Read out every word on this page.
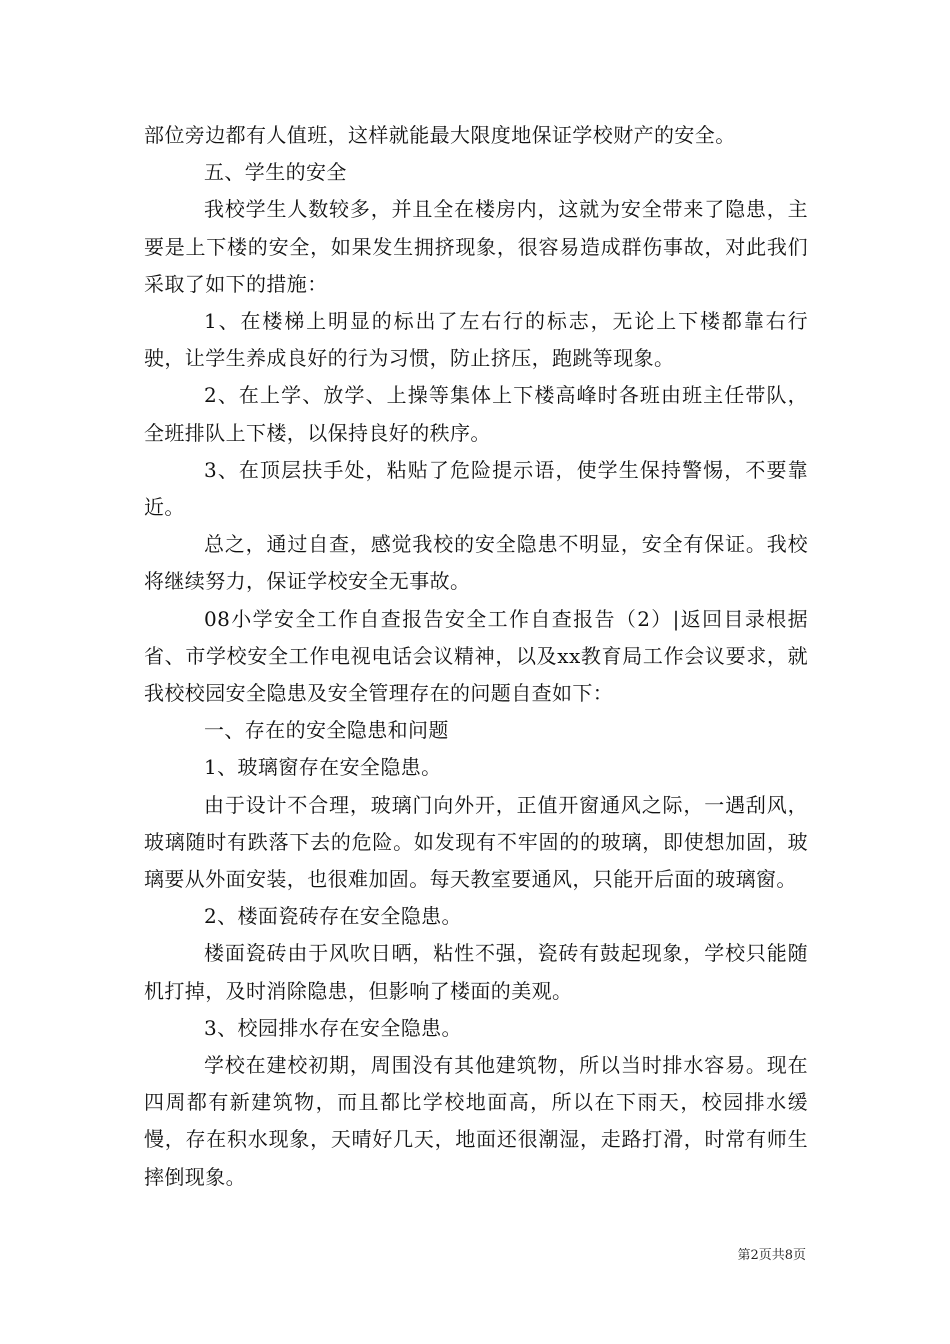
部位旁边都有人值班，这样就能最大限度地保证学校财产的安全。

五、学生的安全

我校学生人数较多，并且全在楼房内，这就为安全带来了隐患，主要是上下楼的安全，如果发生拥挤现象，很容易造成群伤事故，对此我们采取了如下的措施：

1、在楼梯上明显的标出了左右行的标志，无论上下楼都靠右行驶，让学生养成良好的行为习惯，防止挤压，跑跳等现象。

2、在上学、放学、上操等集体上下楼高峰时各班由班主任带队，全班排队上下楼，以保持良好的秩序。

3、在顶层扶手处，粘贴了危险提示语，使学生保持警惕，不要靠近。

总之，通过自查，感觉我校的安全隐患不明显，安全有保证。我校将继续努力，保证学校安全无事故。

08小学安全工作自查报告安全工作自查报告（2）|返回目录根据省、市学校安全工作电视电话会议精神，以及xx教育局工作会议要求，就我校校园安全隐患及安全管理存在的问题自查如下：

一、存在的安全隐患和问题

1、玻璃窗存在安全隐患。

由于设计不合理，玻璃门向外开，正值开窗通风之际，一遇刮风，玻璃随时有跌落下去的危险。如发现有不牢固的的玻璃，即使想加固，玻璃要从外面安装，也很难加固。每天教室要通风，只能开后面的玻璃窗。

2、楼面瓷砖存在安全隐患。

楼面瓷砖由于风吹日晒，粘性不强，瓷砖有鼓起现象，学校只能随机打掉，及时消除隐患，但影响了楼面的美观。

3、校园排水存在安全隐患。

学校在建校初期，周围没有其他建筑物，所以当时排水容易。现在四周都有新建筑物，而且都比学校地面高，所以在下雨天，校园排水缓慢，存在积水现象，天晴好几天，地面还很潮湿，走路打滑，时常有师生摔倒现象。

第2页共8页
